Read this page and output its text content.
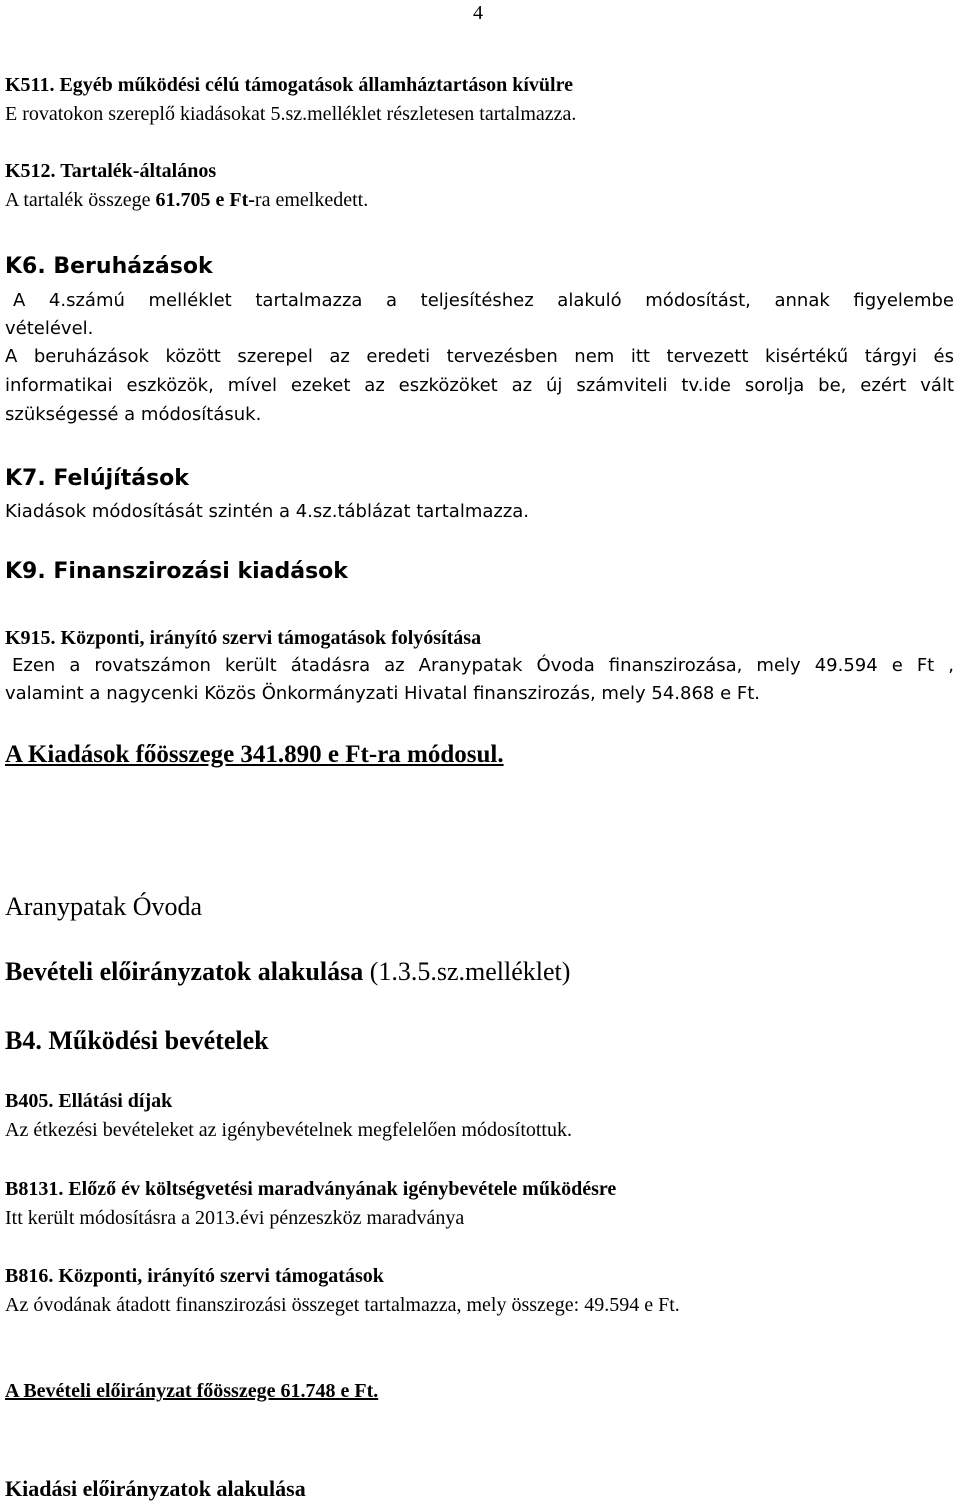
4
K511. Egyéb működési célú támogatások államháztartáson kívülre
E rovatokon szereplő kiadásokat 5.sz.melléklet részletesen tartalmazza.
K512. Tartalék-általános
A tartalék összege 61.705 e Ft-ra emelkedett.
K6. Beruházások
A 4.számú melléklet tartalmazza a teljesítéshez alakuló módosítást, annak figyelembe
vételével.
A beruházások között szerepel az eredeti tervezésben nem itt tervezett kisértékű tárgyi és
informatikai eszközök, mível ezeket az eszközöket az új számviteli tv.ide sorolja be, ezért vált
szükségessé a módosításuk.
K7. Felújítások
Kiadások módosítását szintén a 4.sz.táblázat tartalmazza.
K9. Finanszirozási kiadások
K915. Központi, irányító szervi támogatások folyósítása
Ezen a rovatszámon került átadásra az Aranypatak Óvoda finanszirozása, mely 49.594 e Ft ,
valamint a nagycenki Közös Önkormányzati Hivatal finanszirozás, mely 54.868 e Ft.
A Kiadások főösszege 341.890 e Ft-ra módosul.
Aranypatak Óvoda
Bevételi előirányzatok alakulása (1.3.5.sz.melléklet)
B4. Működési bevételek
B405. Ellátási díjak
Az étkezési bevételeket az igénybevételnek megfelelően módosítottuk.
B8131. Előző év költségvetési maradványának igénybevétele működésre
Itt került módosításra a 2013.évi pénzeszköz maradványa
B816. Központi, irányító szervi támogatások
Az óvodának átadott finanszirozási összeget tartalmazza, mely összege: 49.594 e Ft.
A Bevételi előirányzat főösszege 61.748 e Ft.
Kiadási előirányzatok alakulása
